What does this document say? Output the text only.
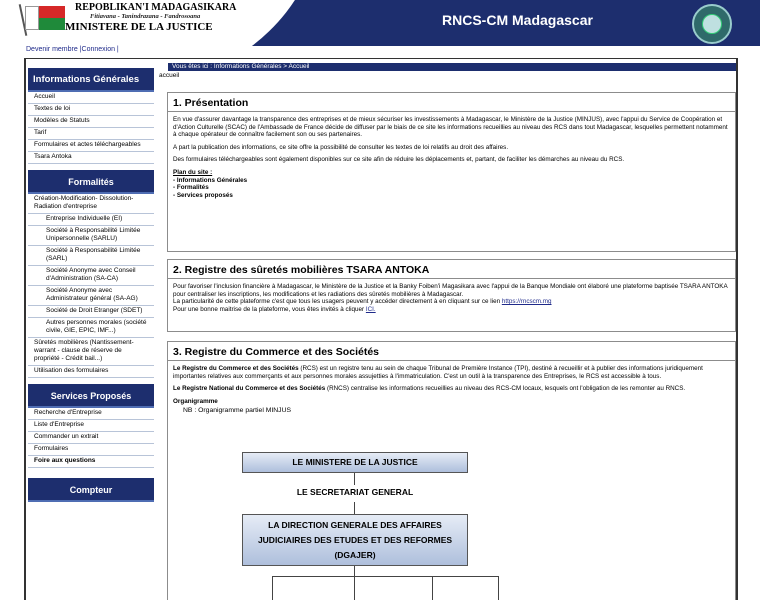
REPOBLIKAN'I MADAGASIKARA
Fitiavana - Tanindrazana - Fandrosoana
MINISTERE DE LA JUSTICE	RNCS-CM Madagascar
Devenir membre |Connexion |
Informations Générales
Accueil
Textes de loi
Modèles de Statuts
Tarif
Formulaires et actes téléchargeables
Tsara Antoka
Formalités
Création-Modification- Dissolution-Radiation d'entreprise
Entreprise Individuelle (EI)
Société à Responsabilité Limitée Unipersonnelle (SARLU)
Société à Responsabilité Limitée (SARL)
Société Anonyme avec Conseil d'Administration (SA-CA)
Société Anonyme avec Administrateur général (SA-AG)
Société de Droit Etranger (SDET)
Autres personnes morales (société civile, GIE, EPIC, IMF...)
Sûretés mobilières (Nantissement-warrant - clause de réserve de propriété - Crédit bail...)
Utilisation des formulaires
Services Proposés
Recherche d'Entreprise
Liste d'Entreprise
Commander un extrait
Formulaires
Foire aux questions
Compteur
Vous êtes ici : Informations Générales > Accueil
accueil
1. Présentation

En vue d'assurer davantage la transparence des entreprises et de mieux sécuriser les investissements à Madagascar, le Ministère de la Justice (MINJUS), avec l'appui du Service de Coopération et d'Action Culturelle (SCAC) de l'Ambassade de France décide de diffuser par le biais de ce site les informations recueillies au niveau des RCS dans tout Madagascar, lesquelles permettent notamment à chaque opérateur de connaître facilement son ou ses partenaires.

A part la publication des informations, ce site offre la possibilité de consulter les textes de loi relatifs au droit des affaires.

Des formulaires téléchargeables sont également disponibles sur ce site afin de réduire les déplacements et, partant, de faciliter les démarches au niveau du RCS.

Plan du site :
- Informations Générales
- Formalités
- Services proposés
2. Registre des sûretés mobilières TSARA ANTOKA
Pour favoriser l'inclusion financière à Madagascar, le Ministère de la Justice et la Banky Foiben'i Magasikara avec l'appui de la Banque Mondiale ont élaboré une plateforme baptisée TSARA ANTOKA pour centraliser les inscriptions, les modifications et les radiations des sûretés mobilières à Madagascar.
La particularité de cette plateforme c'est que tous les usagers peuvent y accéder directement à en cliquant sur ce lien https://rncscm.mg
Pour une bonne maitrise de la plateforme, vous êtes invités à cliquer ICI.
3. Registre du Commerce et des Sociétés

Le Registre du Commerce et des Sociétés (RCS) est un registre tenu au sein de chaque Tribunal de Première Instance (TPI), destiné à recueillir et à publier des informations juridiquement importantes relatives aux commerçants et aux personnes morales assujetties à l'immatriculation. C'est un outil à la transparence des Entreprises, le RCS est accessible à tous.

Le Registre National du Commerce et des Sociétés (RNCS) centralise les informations recueillies au niveau des RCS-CM locaux, lesquels ont l'obligation de les remonter au RNCS.

Organigramme
NB : Organigramme partiel MINJUS
LE MINISTERE DE LA JUSTICE
LE SECRETARIAT GENERAL
LA DIRECTION GENERALE DES AFFAIRES JUDICIAIRES DES ETUDES ET DES REFORMES (DGAJER)
